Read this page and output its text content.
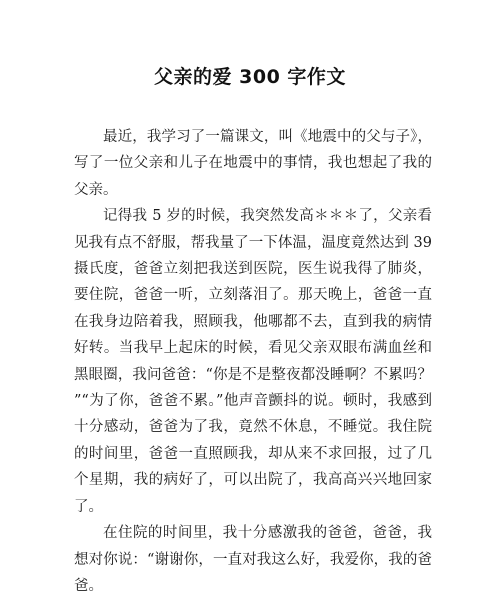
父亲的爱 300 字作文

最近，我学习了一篇课文，叫《地震中的父与子》，写了一位父亲和儿子在地震中的事情，我也想起了我的父亲。

记得我 5 岁的时候，我突然发高＊＊＊了，父亲看见我有点不舒服，帮我量了一下体温，温度竟然达到 39 摄氏度，爸爸立刻把我送到医院，医生说我得了肺炎，要住院，爸爸一听，立刻落泪了。那天晚上，爸爸一直在我身边陪着我，照顾我，他哪都不去，直到我的病情好转。当我早上起床的时候，看见父亲双眼布满血丝和黑眼圈，我问爸爸：“你是不是整夜都没睡啊？不累吗？”“为了你，爸爸不累。”他声音颤抖的说。顿时，我感到十分感动，爸爸为了我，竟然不休息，不睡觉。我住院的时间里，爸爸一直照顾我，却从来不求回报，过了几个星期，我的病好了，可以出院了，我高高兴兴地回家了。

在住院的时间里，我十分感激我的爸爸，爸爸，我想对你说：“谢谢你，一直对我这么好，我爱你，我的爸爸。
